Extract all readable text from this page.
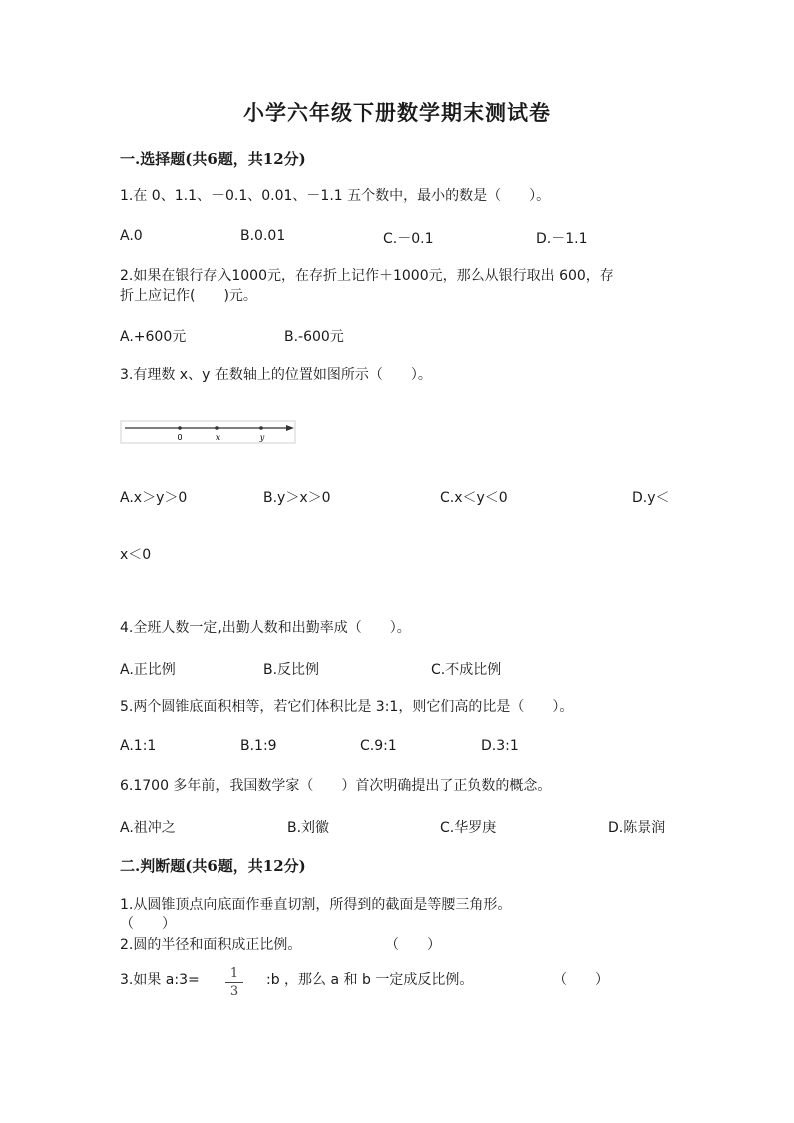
小学六年级下册数学期末测试卷
一.选择题(共6题，共12分)
1.在 0、1.1、－0.1、0.01、－1.1 五个数中，最小的数是（　　）。
A.0	B.0.01	C.－0.1	D.－1.1
2.如果在银行存入1000元，在存折上记作＋1000元，那么从银行取出 600，存
折上应记作(　　)元。
A.+600元	B.-600元
3.有理数 x、y 在数轴上的位置如图所示（　　）。
0	x	y
A.x＞y＞0	B.y＞x＞0	C.x＜y＜0	D.y＜
x＜0
4.全班人数一定,出勤人数和出勤率成（　　）。
A.正比例	B.反比例	C.不成比例
5.两个圆锥底面积相等，若它们体积比是 3:1，则它们高的比是（　　）。
A.1:1	B.1:9	C.9:1	D.3:1
6.1700 多年前，我国数学家（　　）首次明确提出了正负数的概念。
A.祖冲之	B.刘徽	C.华罗庚	D.陈景润
二.判断题(共6题，共12分)
1.从圆锥顶点向底面作垂直切割，所得到的截面是等腰三角形。
（　　）
2.圆的半径和面积成正比例。	（　　）
3.如果 a:3=	1
3
:b ，那么 a 和 b 一定成反比例。	（　　）
